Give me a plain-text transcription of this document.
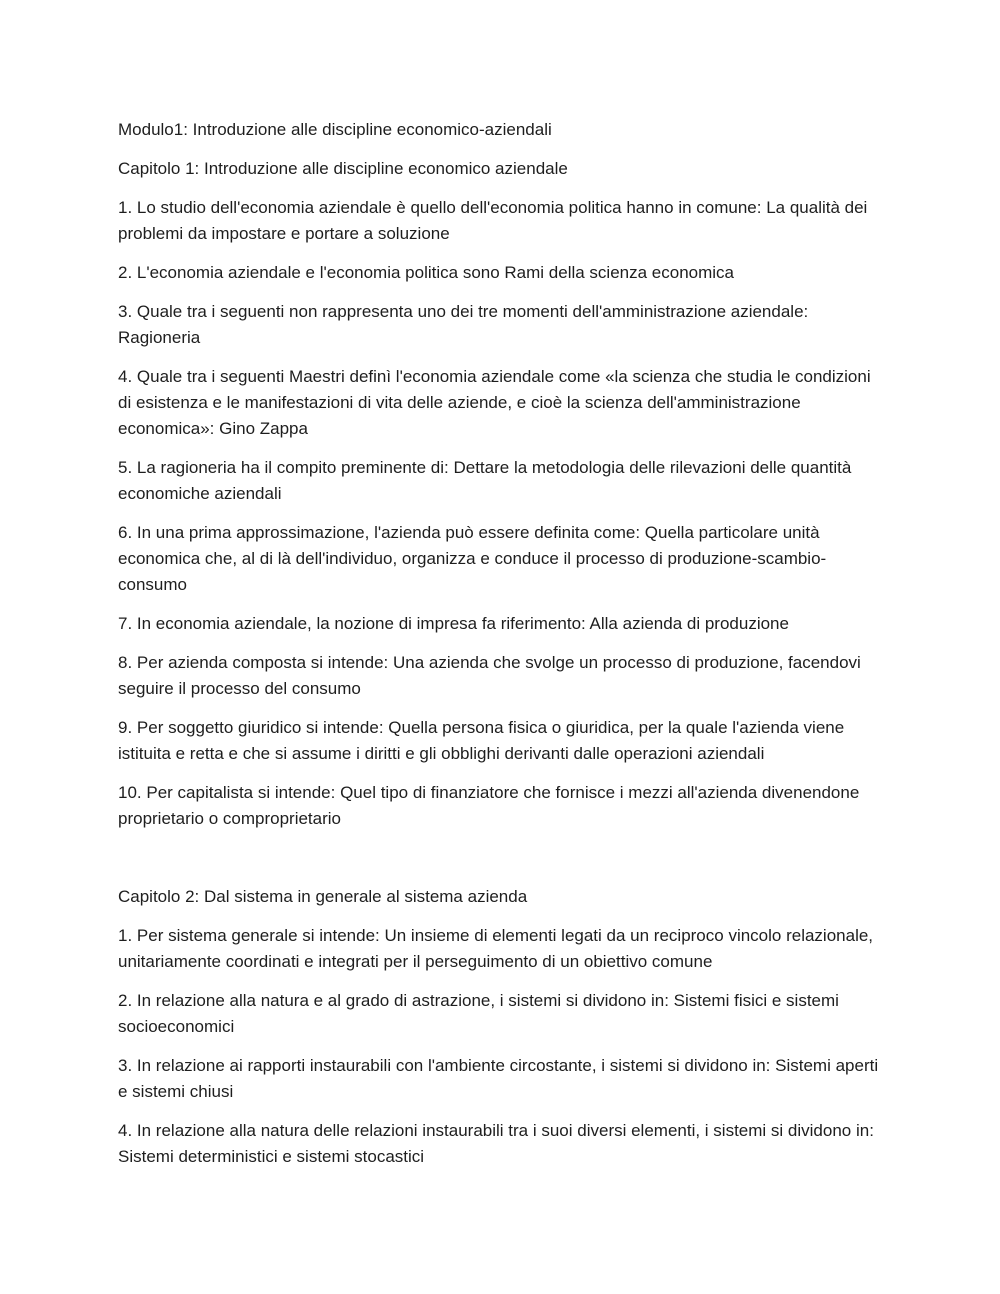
Modulo1: Introduzione alle discipline economico-aziendali

Capitolo 1: Introduzione alle discipline economico aziendale

1. Lo studio dell'economia aziendale è quello dell'economia politica hanno in comune: La qualità dei problemi da impostare e portare a soluzione

2. L'economia aziendale e l'economia politica sono Rami della scienza economica

3. Quale tra i seguenti non rappresenta uno dei tre momenti dell'amministrazione aziendale: Ragioneria

4. Quale tra i seguenti Maestri definì l'economia aziendale come «la scienza che studia le condizioni di esistenza e le manifestazioni di vita delle aziende, e cioè la scienza dell'amministrazione economica»: Gino Zappa

5. La ragioneria ha il compito preminente di: Dettare la metodologia delle rilevazioni delle quantità economiche aziendali

6. In una prima approssimazione, l'azienda può essere definita come: Quella particolare unità economica che, al di là dell'individuo, organizza e conduce il processo di produzione-scambio-consumo

7. In economia aziendale, la nozione di impresa fa riferimento: Alla azienda di produzione

8. Per azienda composta si intende: Una azienda che svolge un processo di produzione, facendovi seguire il processo del consumo

9. Per soggetto giuridico si intende: Quella persona fisica o giuridica, per la quale l'azienda viene istituita e retta e che si assume i diritti e gli obblighi derivanti dalle operazioni aziendali

10. Per capitalista si intende: Quel tipo di finanziatore che fornisce i mezzi all'azienda divenendone proprietario o comproprietario

Capitolo 2: Dal sistema in generale al sistema azienda

1. Per sistema generale si intende: Un insieme di elementi legati da un reciproco vincolo relazionale, unitariamente coordinati e integrati per il perseguimento di un obiettivo comune

2. In relazione alla natura e al grado di astrazione, i sistemi si dividono in: Sistemi fisici e sistemi socioeconomici

3. In relazione ai rapporti instaurabili con l'ambiente circostante, i sistemi si dividono in: Sistemi aperti e sistemi chiusi

4. In relazione alla natura delle relazioni instaurabili tra i suoi diversi elementi, i sistemi si dividono in: Sistemi deterministici e sistemi stocastici
